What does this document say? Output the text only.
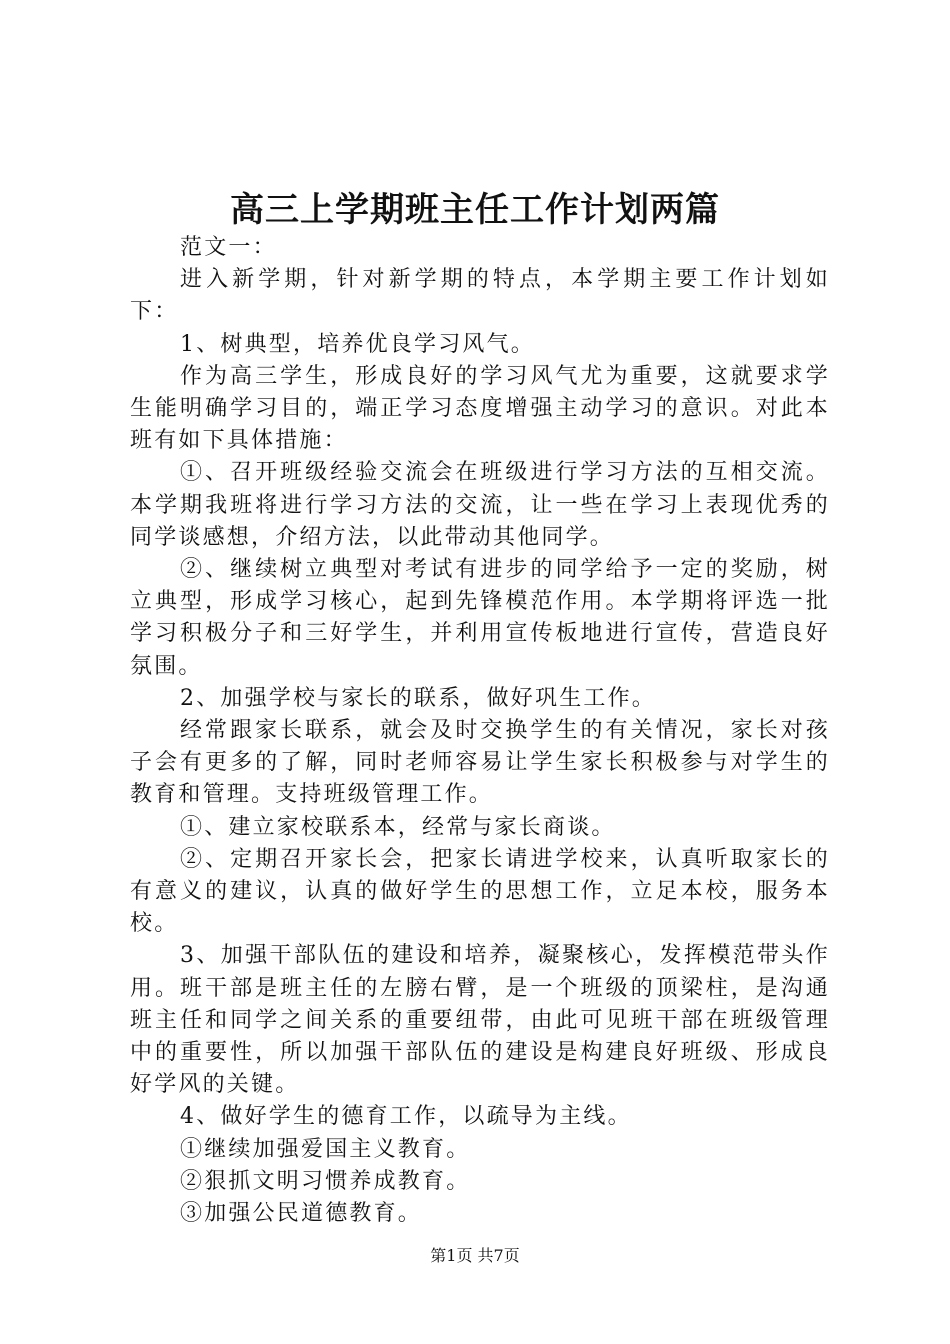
高三上学期班主任工作计划两篇

范文一：

进入新学期，针对新学期的特点，本学期主要工作计划如下：

1、树典型，培养优良学习风气。

作为高三学生，形成良好的学习风气尤为重要，这就要求学生能明确学习目的，端正学习态度增强主动学习的意识。对此本班有如下具体措施：

①、召开班级经验交流会在班级进行学习方法的互相交流。本学期我班将进行学习方法的交流，让一些在学习上表现优秀的同学谈感想，介绍方法，以此带动其他同学。

②、继续树立典型对考试有进步的同学给予一定的奖励，树立典型，形成学习核心，起到先锋模范作用。本学期将评选一批学习积极分子和三好学生，并利用宣传板地进行宣传，营造良好氛围。

2、加强学校与家长的联系，做好巩生工作。

经常跟家长联系，就会及时交换学生的有关情况，家长对孩子会有更多的了解，同时老师容易让学生家长积极参与对学生的教育和管理。支持班级管理工作。

①、建立家校联系本，经常与家长商谈。

②、定期召开家长会，把家长请进学校来，认真听取家长的有意义的建议，认真的做好学生的思想工作，立足本校，服务本校。

3、加强干部队伍的建设和培养，凝聚核心，发挥模范带头作用。班干部是班主任的左膀右臂，是一个班级的顶梁柱，是沟通班主任和同学之间关系的重要纽带，由此可见班干部在班级管理中的重要性，所以加强干部队伍的建设是构建良好班级、形成良好学风的关键。

4、做好学生的德育工作，以疏导为主线。

①继续加强爱国主义教育。

②狠抓文明习惯养成教育。

③加强公民道德教育。

第1页 共7页
